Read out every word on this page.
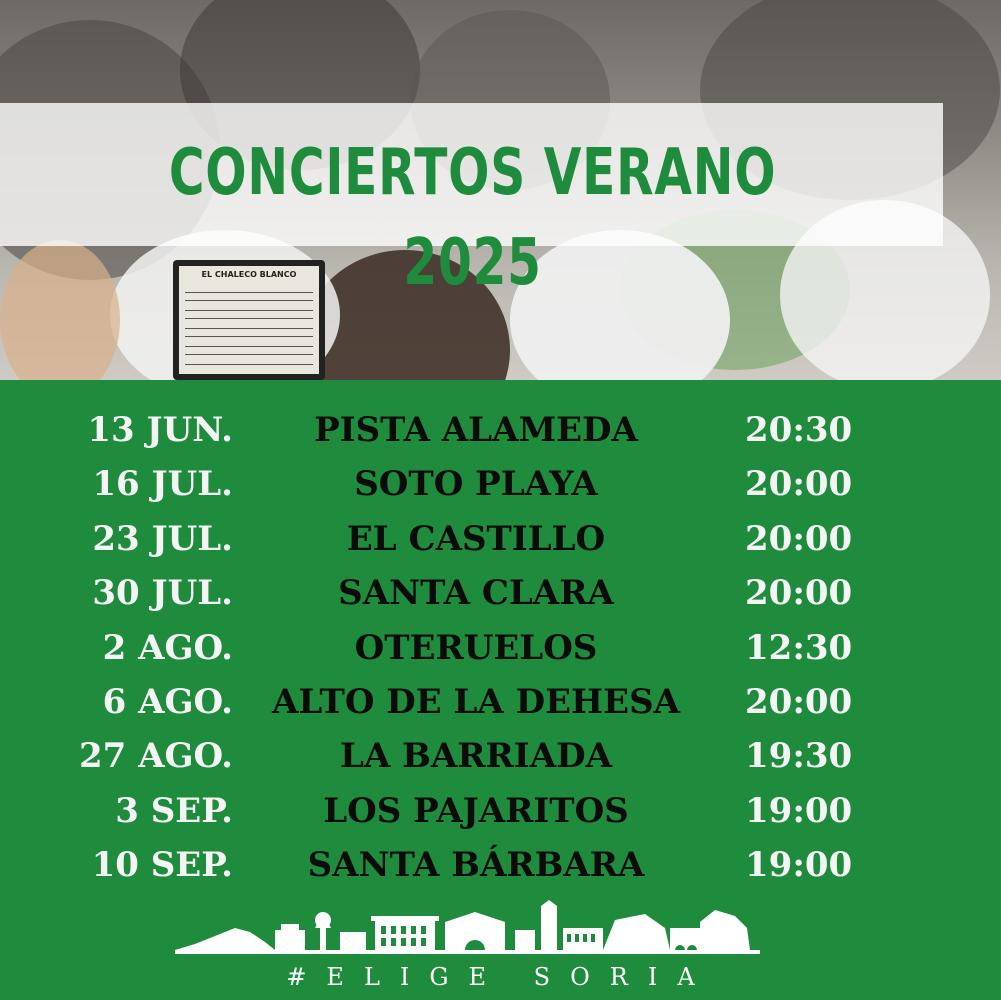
EL CHALECO BLANCO
CONCIERTOS VERANO 2025
13 JUN. PISTA ALAMEDA	20:30
16 JUL.	SOTO PLAYA	20:00
23 JUL.	EL CASTILLO	20:00
30 JUL.	SANTA CLARA	20:00
2 AGO.	OTERUELOS	12:30
6 AGO. ALTO DE LA DEHESA 20:00
27 AGO.	LA BARRIADA	19:30
3 SEP.	LOS PAJARITOS	19:00
10 SEP. SANTA BÁRBARA	19:00
#ELIGE SORIA
